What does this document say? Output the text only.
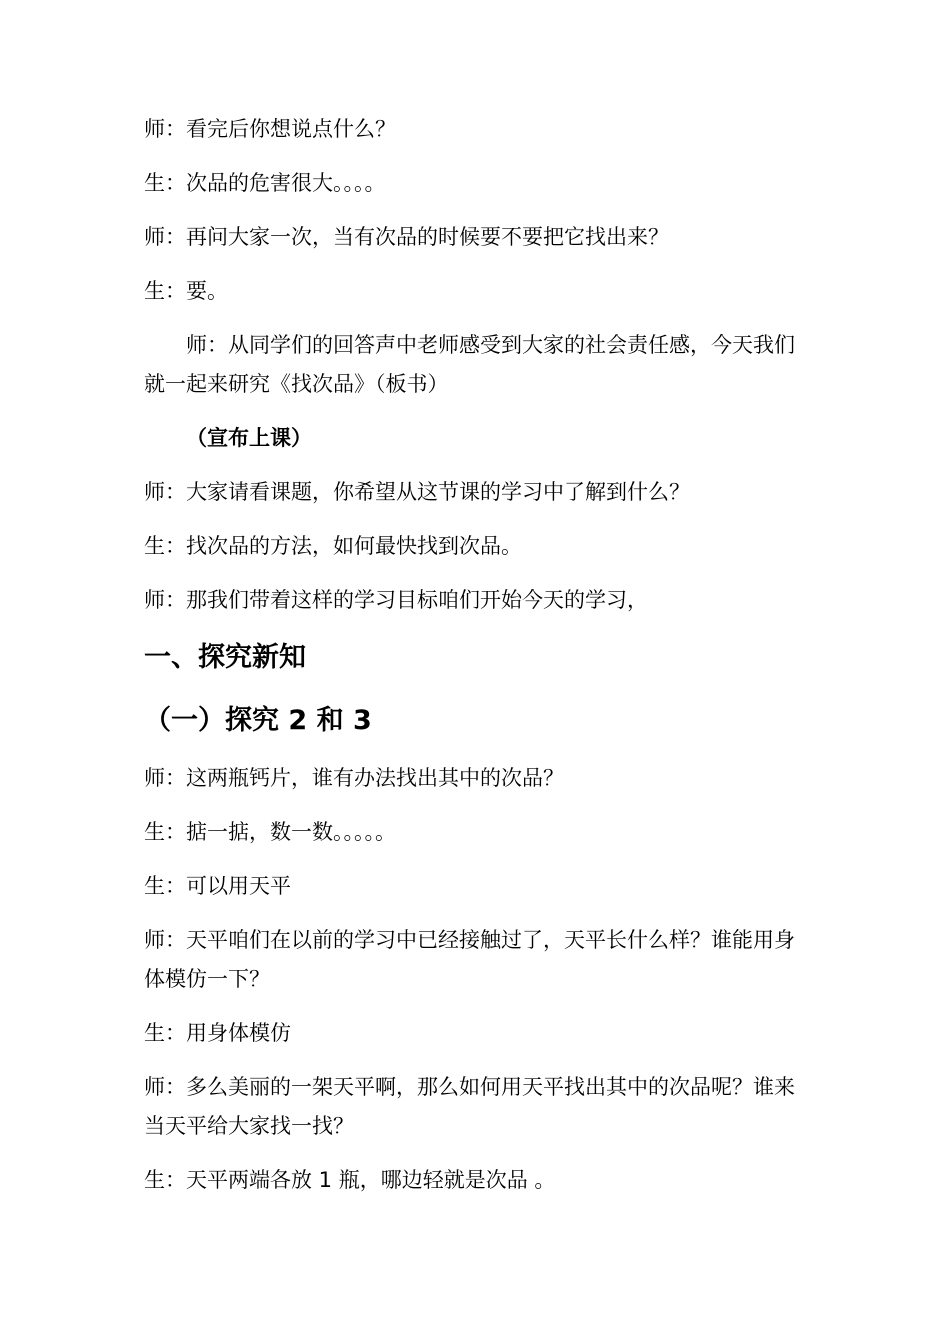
师：看完后你想说点什么？

生：次品的危害很大。。。。

师：再问大家一次，当有次品的时候要不要把它找出来？

生：要。

师：从同学们的回答声中老师感受到大家的社会责任感，今天我们就一起来研究《找次品》（板书）

（宣布上课）

师：大家请看课题，你希望从这节课的学习中了解到什么？

生：找次品的方法，如何最快找到次品。

师：那我们带着这样的学习目标咱们开始今天的学习，

一、探究新知
（一）探究 2 和 3

师：这两瓶钙片，谁有办法找出其中的次品？

生：掂一掂，数一数。。。。。

生：可以用天平

师：天平咱们在以前的学习中已经接触过了，天平长什么样？谁能用身体模仿一下？

生：用身体模仿

师：多么美丽的一架天平啊，那么如何用天平找出其中的次品呢？谁来当天平给大家找一找？

生：天平两端各放 1 瓶，哪边轻就是次品 。
